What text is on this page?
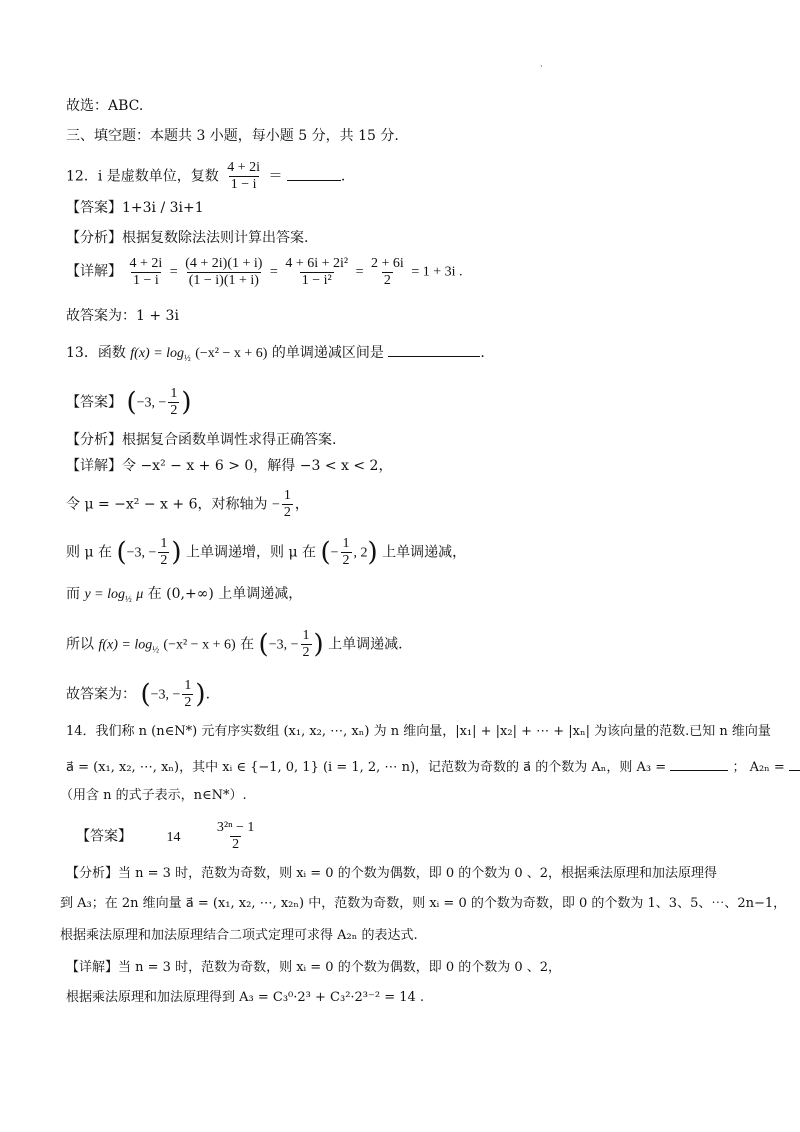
·
故选：ABC.
三、填空题：本题共 3 小题，每小题 5 分，共 15 分.
12．i 是虚数单位，复数 $\frac{4 + 2i}{1 - i}$ ＝	.
【答案】1+3i / 3i+1
【分析】根据复数除法法则计算出答案.
【详解】 $\frac{4 + 2i}{1 - i} = \frac{(4 + 2i)(1 + i)}{(1 - i)(1 + i)} = \frac{\text{4 + 6i + 2i²}}{\text{1 − i²}} = \frac{2 + 6i}{2} = 1 + 3i$ .
故答案为：1 + 3i
13．函数 $f(x) = \log_{\frac{1}{2}} (-x^2 - x + 6)$ 的单调递减区间是	.
【答案】 (−3, − $\frac{1}{2}$ )
【分析】根据复合函数单调性求得正确答案.
【详解】令 −x² − x + 6 > 0，解得 −3 < x < 2，
令 μ = −x² − x + 6，对称轴为 − $\frac{1}{2}$ ，
则 μ 在 (−3, − $\frac{1}{2}$ ) 上单调递增，则 μ 在 (− $\frac{1}{2}$ , 2) 上单调递减，
而 $y = \log_{\frac{1}{2}} \mu$ 在 (0,+∞) 上单调递减，
所以 $f(x) = \log_{\frac{1}{2}} (-x^2 - x + 6)$ 在 (−3, − $\frac{1}{2}$ ) 上单调递减.
故答案为： (−3, − $\frac{1}{2}$ ).
14．我们称 n (n∈N*) 元有序实数组 (x₁, x₂, ⋯, xₙ) 为 n 维向量，|x₁| + |x₂| + ⋯ + |xₙ| 为该向量的范数.已知 n 维向量
a⃗ = (x₁, x₂, ⋯, xₙ)，其中 xᵢ ∈ {−1, 0, 1} (i = 1, 2, ⋯ n)，记范数为奇数的 a⃗ 的个数为 Aₙ，则 A₃ =	； A₂ₙ =
（用含 n 的式子表示，n∈N*）.
【答案】 $14 \frac{\text{3²ⁿ − 1}}{2}$
【分析】当 n = 3 时，范数为奇数，则 xᵢ = 0 的个数为偶数，即 0 的个数为 0 、2，根据乘法原理和加法原理得
到 A₃；在 2n 维向量 a⃗ = (x₁, x₂, ⋯, x₂ₙ) 中，范数为奇数，则 xᵢ = 0 的个数为奇数，即 0 的个数为 1、3、5、⋯、2n−1，
根据乘法原理和加法原理结合二项式定理可求得 A₂ₙ 的表达式.
【详解】当 n = 3 时，范数为奇数，则 xᵢ = 0 的个数为偶数，即 0 的个数为 0 、2，
根据乘法原理和加法原理得到 A₃ = C₃⁰·2³ + C₃²·2³⁻² = 14 .
